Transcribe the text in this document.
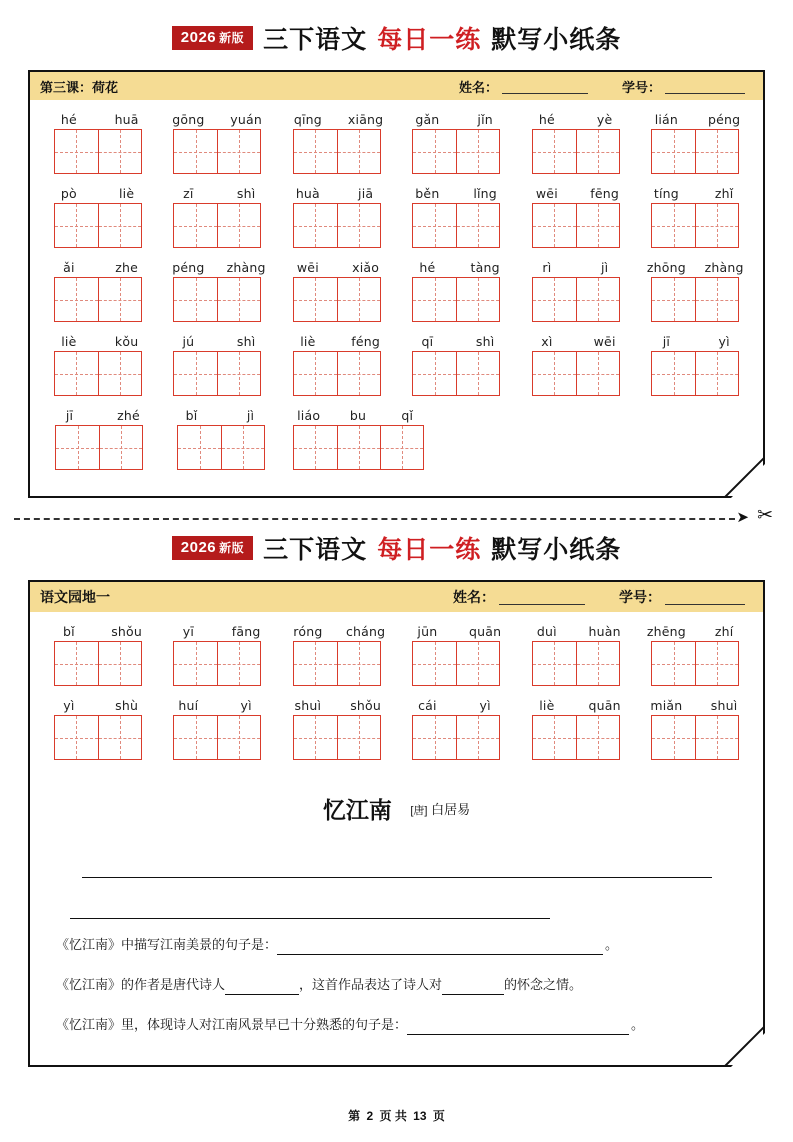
2026 新版 三下语文 每日一练 默写小纸条
第三课：荷花	姓名：	学号：
hé	huā	gōng	yuán	qīng	xiāng	gǎn	jǐn	hé	yè	lián	péng
pò	liè	zī	shì	huà	jiā	běn	lǐng	wēi	fēng	tíng	zhǐ
ǎi	zhe	péng	zhàng	wēi	xiǎo	hé	tàng	rì	jì	zhōng	zhàng
liè	kǒu	jú	shì	liè	féng	qī	shì	xì	wēi	jī	yì
jī	zhé	bǐ	jì	liáo	bu	qǐ
➤ ✂
2026 新版 三下语文 每日一练 默写小纸条
语文园地一	姓名：	学号：
bǐ	shǒu	yī	fāng	róng	cháng	jūn	quān	duì	huàn	zhēng	zhí
yì	shù	huí	yì	shuì	shǒu	cái	yì	liè	quān	miǎn	shuì
忆江南 [唐] 白居易
《忆江南》中描写江南美景的句子是：	。
《忆江南》的作者是唐代诗人	，这首作品表达了诗人对	的怀念之情。
《忆江南》里，体现诗人对江南风景早已十分熟悉的句子是：	。
第 2 页 共 13 页
